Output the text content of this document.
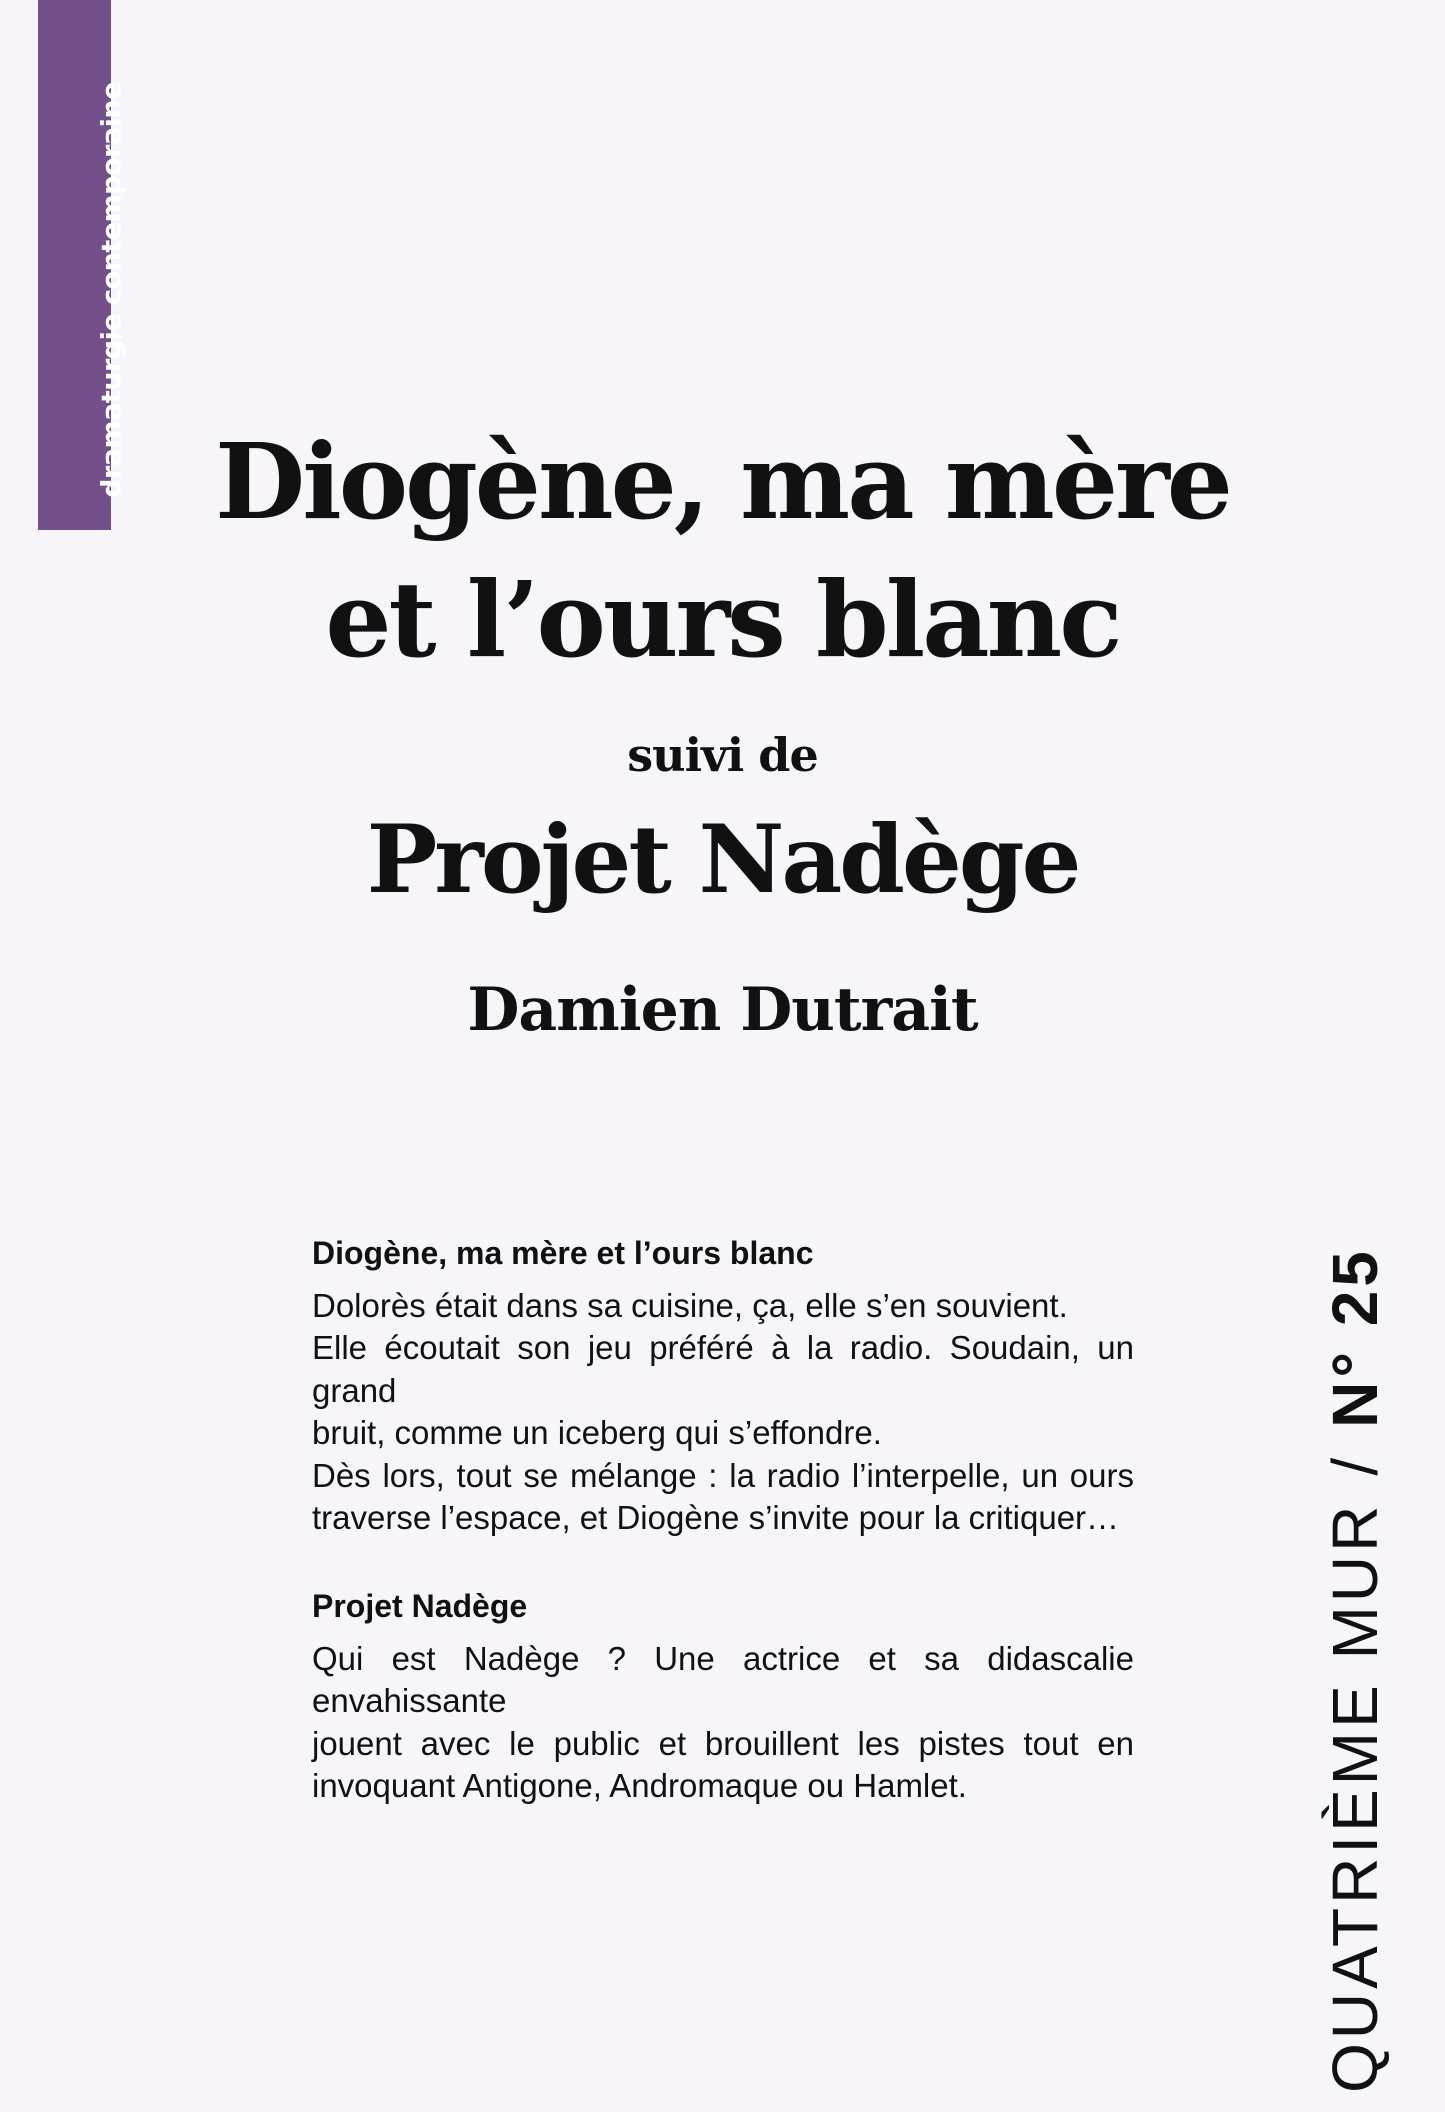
dramaturgie contemporaine Diogène, ma mère
et l’ours blanc
suivi de
Projet Nadège
Damien Dutrait
Diogène, ma mère et l’ours blanc
Dolorès était dans sa cuisine, ça, elle s’en souvient.
Elle écoutait son jeu préféré à la radio. Soudain, un grand
bruit, comme un iceberg qui s’effondre.
Dès lors, tout se mélange : la radio l’interpelle, un ours
traverse l’espace, et Diogène s’invite pour la critiquer…
Projet Nadège
Qui est Nadège ? Une actrice et sa didascalie envahissante
jouent avec le public et brouillent les pistes tout en
invoquant Antigone, Andromaque ou Hamlet.	QUATRIÈME MUR/N° 25
